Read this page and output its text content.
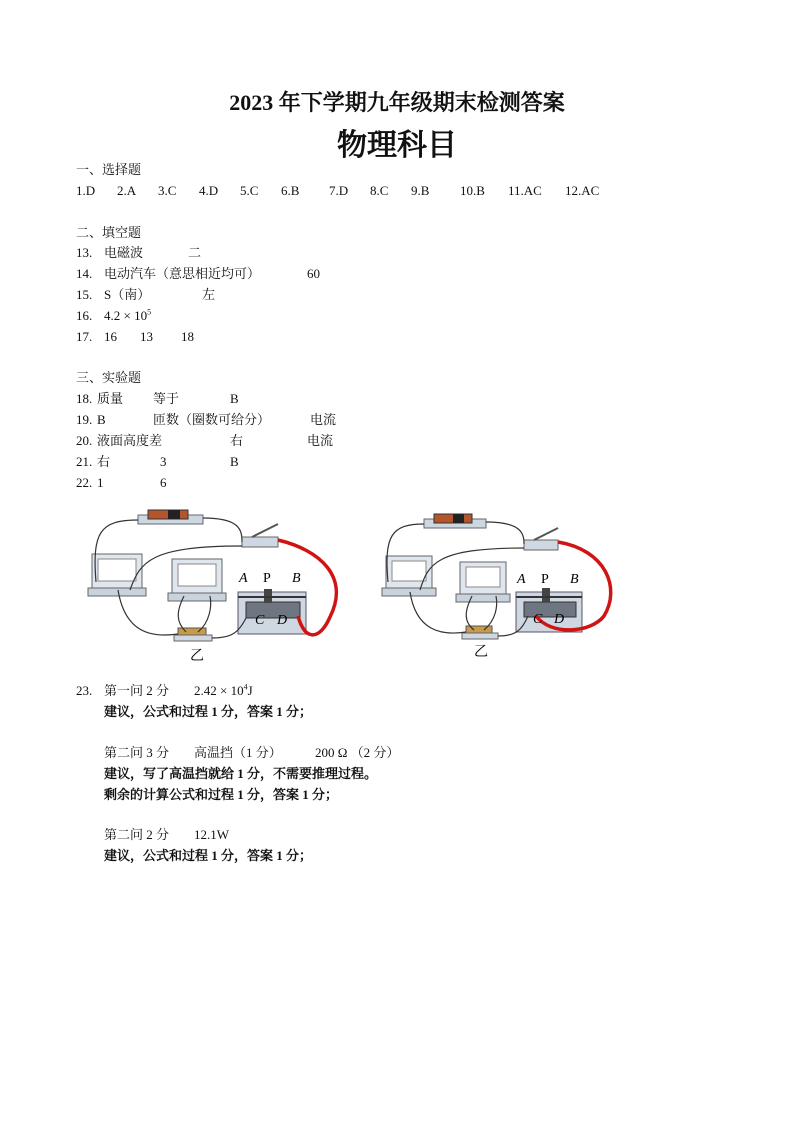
2023 年下学期九年级期末检测答案
物理科目
一、选择题
1.D 2.A 3.C 4.D 5.C 6.B 7.D 8.C 9.B 10.B 11.AC 12.AC
二、填空题
13. 电磁波	二
14. 电动汽车（意思相近均可）	60
15. S（南）	左
16. $4.2 \times 10^5$
17. 16 13 18
三、实验题
18. 质量 等于	B
19. B	匝数（圈数可给分）	电流
20. 液面高度差	右	电流
21. 右	3	B
22. 1	6
A P B
C D
乙
A P B
C D
乙
23. 第一问 2 分 $2.42 \times 10^4J$
建议，公式和过程 1 分，答案 1 分；
第二问 3 分 高温挡（1 分）	200 Ω （2 分）
建议，写了高温挡就给 1 分，不需要推理过程。
剩余的计算公式和过程 1 分，答案 1 分；
第二问 2 分 12.1W
建议，公式和过程 1 分，答案 1 分；
